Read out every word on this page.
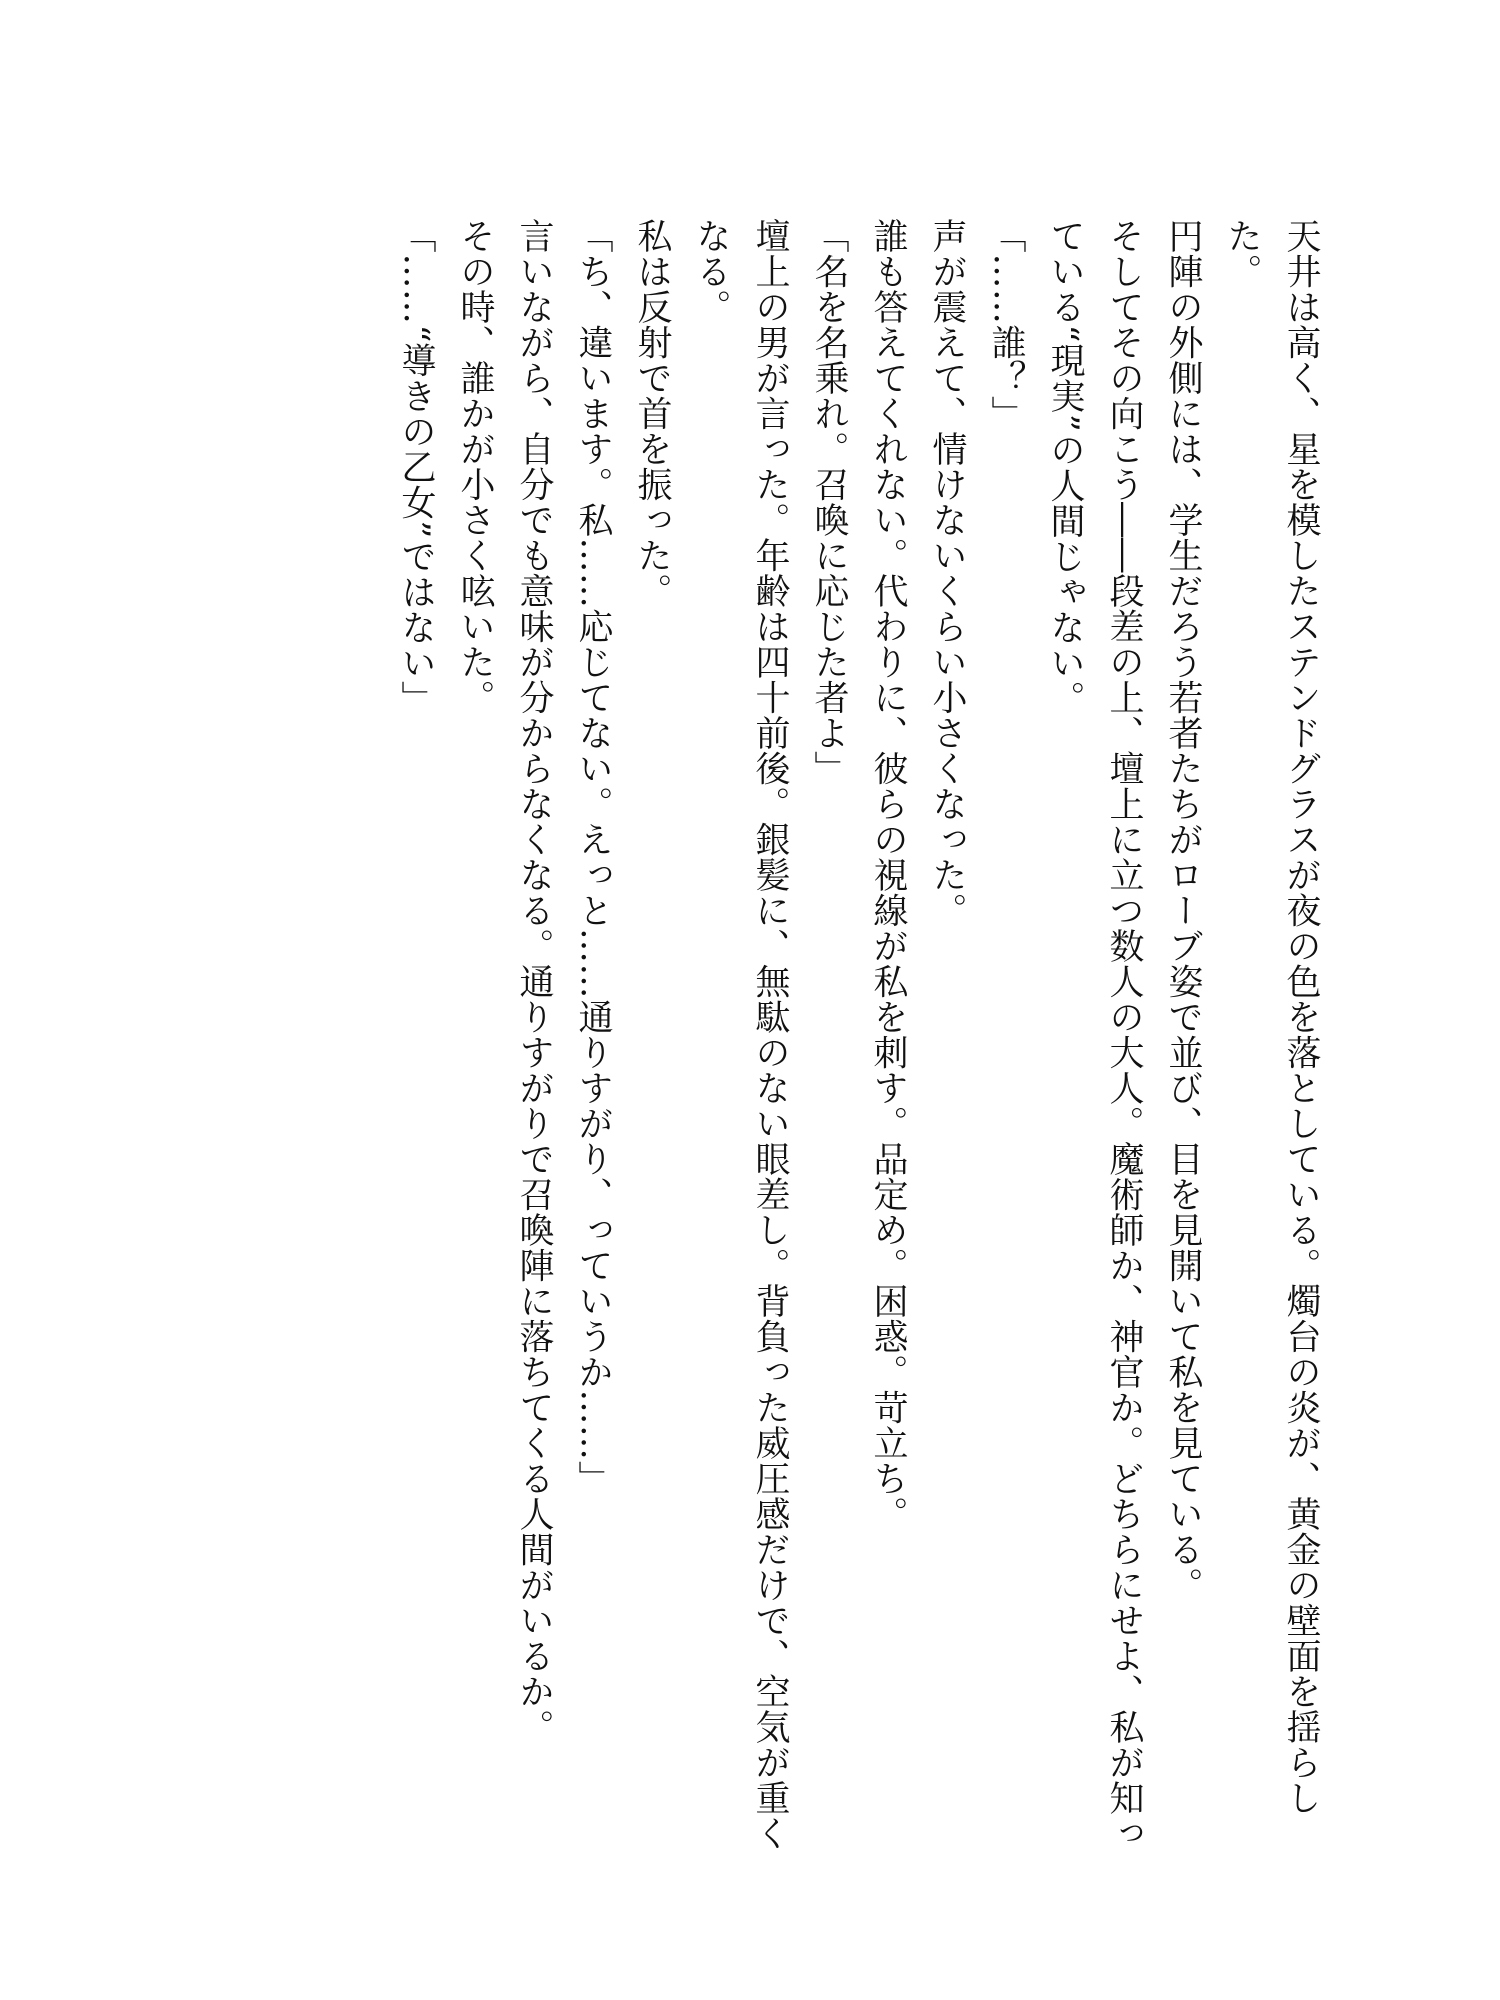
天井は高く、星を模したステンドグラスが夜の色を落としている。燭台の炎が、黄金の壁面を揺らした。

円陣の外側には、学生だろう若者たちがローブ姿で並び、目を見開いて私を見ている。

そしてその向こう――段差の上、壇上に立つ数人の大人。魔術師か、神官か。どちらにせよ、私が知っ

ている“現実”の人間じゃない。

「……誰？」

声が震えて、情けないくらい小さくなった。

誰も答えてくれない。代わりに、彼らの視線が私を刺す。品定め。困惑。苛立ち。

「名を名乗れ。召喚に応じた者よ」

壇上の男が言った。年齢は四十前後。銀髪に、無駄のない眼差し。背負った威圧感だけで、空気が重く

なる。

私は反射で首を振った。

「ち、違います。私……応じてない。えっと……通りすがり、っていうか……」

言いながら、自分でも意味が分からなくなる。通りすがりで召喚陣に落ちてくる人間がいるか。

その時、誰かが小さく呟いた。

「……“導きの乙女”ではない」
